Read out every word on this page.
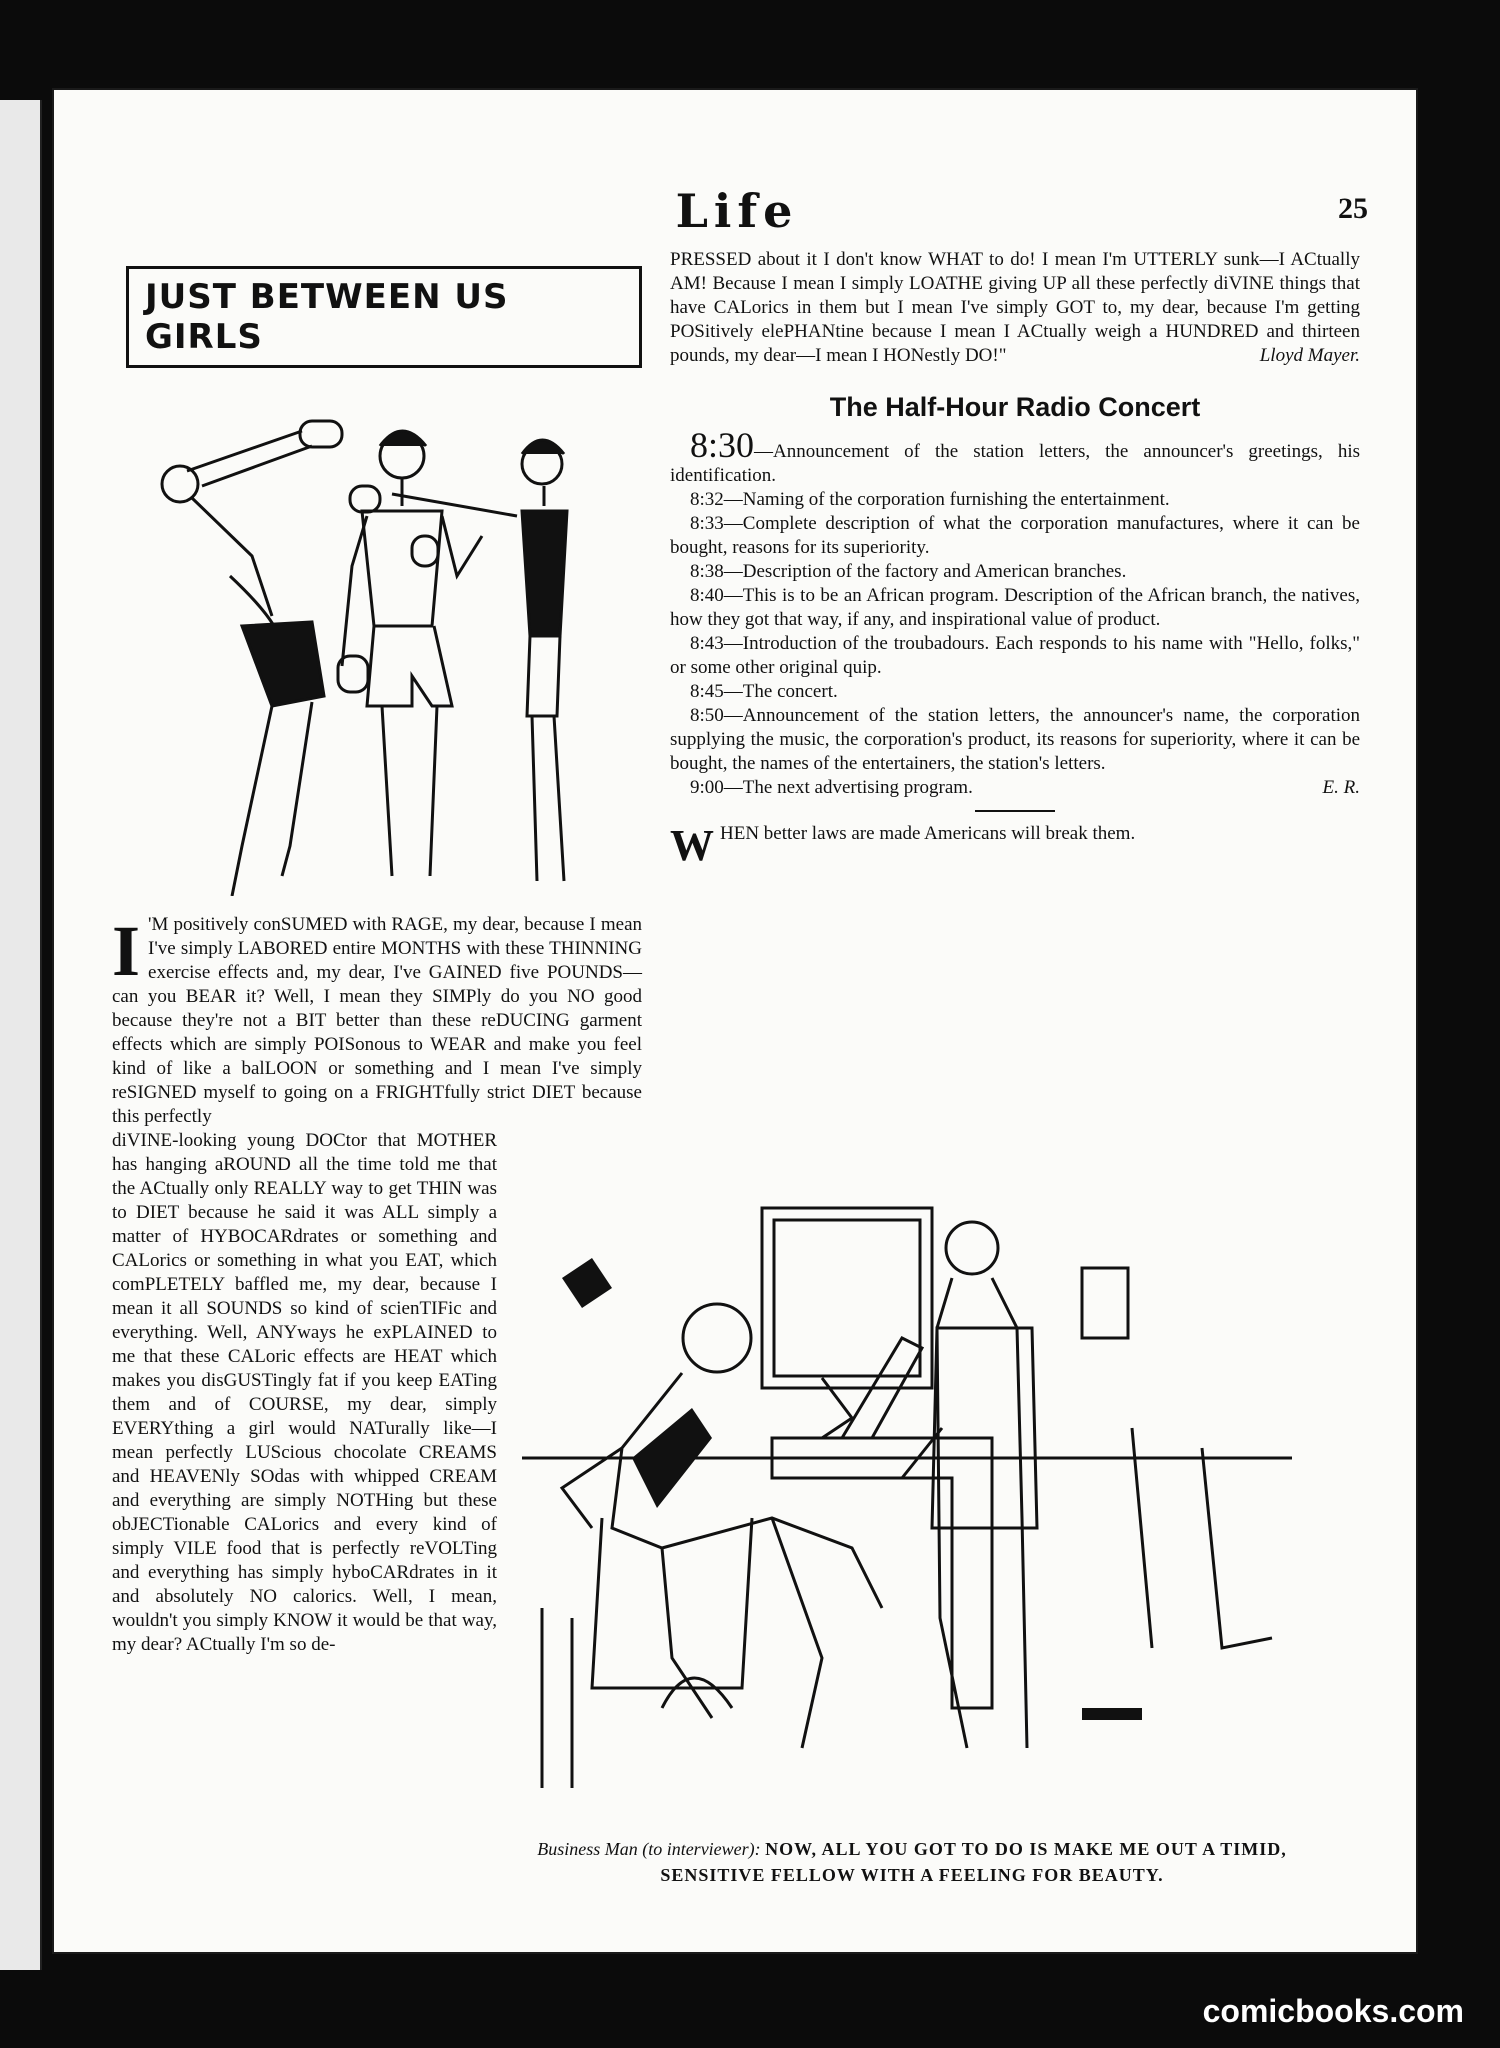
Life	25
JUST BETWEEN US GIRLS
I 'M positively conSUMED with RAGE, my dear, because I mean I've simply LABORED entire MONTHS with these THINNING exercise effects and, my dear, I've GAINED five POUNDS—can you BEAR it? Well, I mean they SIMPly do you NO good because they're not a BIT better than these reDUCING garment effects which are simply POISonous to WEAR and make you feel kind of like a balLOON or something and I mean I've simply reSIGNED myself to going on a FRIGHTfully strict DIET because this perfectly
diVINE-looking young DOCtor that MOTHER has hanging aROUND all the time told me that the ACtually only REALLY way to get THIN was to DIET because he said it was ALL simply a matter of HYBOCARdrates or something and CALorics or something in what you EAT, which comPLETELY baffled me, my dear, because I mean it all SOUNDS so kind of scienTIFic and everything. Well, ANYways he exPLAINED to me that these CALoric effects are HEAT which makes you disGUSTingly fat if you keep EATing them and of COURSE, my dear, simply EVERYthing a girl would NATurally like—I mean perfectly LUScious chocolate CREAMS and HEAVENly SOdas with whipped CREAM and everything are simply NOTHing but these obJECTionable CALorics and every kind of simply VILE food that is perfectly reVOLTing and everything has simply hyboCARdrates in it and absolutely NO calorics. Well, I mean, wouldn't you simply KNOW it would be that way, my dear? ACtually I'm so de-
PRESSED about it I don't know WHAT to do! I mean I'm UTTERLY sunk—I ACtually AM! Because I mean I simply LOATHE giving UP all these perfectly diVINE things that have CALorics in them but I mean I've simply GOT to, my dear, because I'm getting POSitively elePHANtine because I mean I ACtually weigh a HUNDRED and thirteen pounds, my dear—I mean I HONestly DO!"	Lloyd Mayer.
The Half-Hour Radio Concert

8:30—Announcement of the station letters, the announcer's greetings, his identification.

8:32—Naming of the corporation furnishing the entertainment.

8:33—Complete description of what the corporation manufactures, where it can be bought, reasons for its superiority.

8:38—Description of the factory and American branches.

8:40—This is to be an African program. Description of the African branch, the natives, how they got that way, if any, and inspirational value of product.

8:43—Introduction of the troubadours. Each responds to his name with "Hello, folks," or some other original quip.

8:45—The concert.

8:50—Announcement of the station letters, the announcer's name, the corporation supplying the music, the corporation's product, its reasons for superiority, where it can be bought, the names of the entertainers, the station's letters.

9:00—The next advertising program.	E. R.

W HEN better laws are made Americans will break them.
Business Man (to interviewer): NOW, ALL YOU GOT TO DO IS MAKE ME OUT A TIMID, SENSITIVE FELLOW WITH A FEELING FOR BEAUTY.
comicbooks.com
